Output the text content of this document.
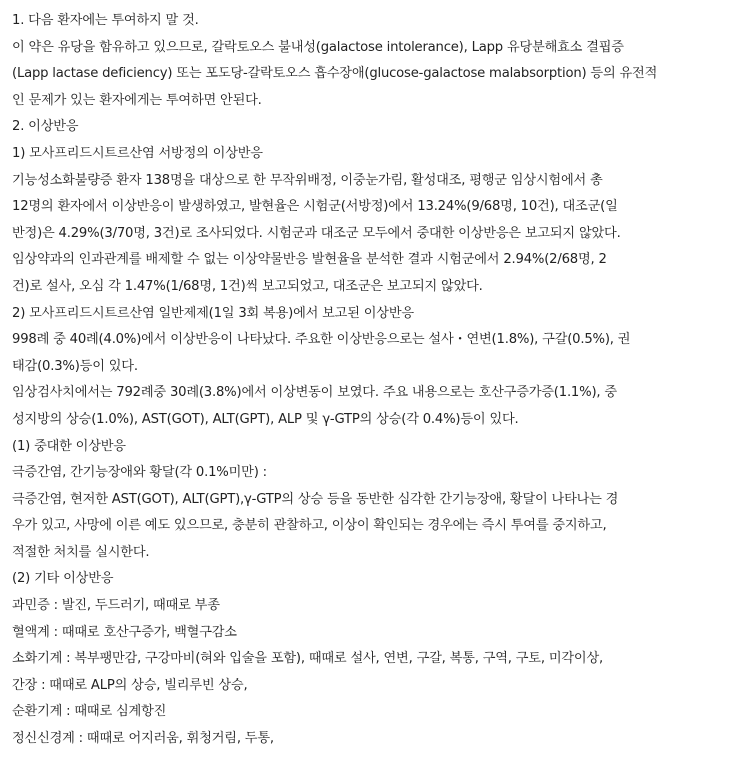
1. 다음 환자에는 투여하지 말 것.
이 약은 유당을 함유하고 있으므로, 갈락토오스 불내성(galactose intolerance), Lapp 유당분해효소 결핍증
(Lapp lactase deficiency) 또는 포도당-갈락토오스 흡수장애(glucose-galactose malabsorption) 등의 유전적
인 문제가 있는 환자에게는 투여하면 안된다.
2. 이상반응
1) 모사프리드시트르산염 서방정의 이상반응
기능성소화불량증 환자 138명을 대상으로 한 무작위배정, 이중눈가림, 활성대조, 평행군 임상시험에서 총
12명의 환자에서 이상반응이 발생하였고, 발현율은 시험군(서방정)에서 13.24%(9/68명, 10건), 대조군(일
반정)은 4.29%(3/70명, 3건)로 조사되었다. 시험군과 대조군 모두에서 중대한 이상반응은 보고되지 않았다.
임상약과의 인과관계를 배제할 수 없는 이상약물반응 발현율을 분석한 결과 시험군에서 2.94%(2/68명, 2
건)로 설사, 오심 각 1.47%(1/68명, 1건)씩 보고되었고, 대조군은 보고되지 않았다.
2) 모사프리드시트르산염 일반제제(1일 3회 복용)에서 보고된 이상반응
998례 중 40례(4.0%)에서 이상반응이 나타났다. 주요한 이상반응으로는 설사・연변(1.8%), 구갈(0.5%), 권
태감(0.3%)등이 있다.
임상검사치에서는 792례중 30례(3.8%)에서 이상변동이 보였다. 주요 내용으로는 호산구증가증(1.1%), 중
성지방의 상승(1.0%), AST(GOT), ALT(GPT), ALP 및 γ-GTP의 상승(각 0.4%)등이 있다.
(1) 중대한 이상반응
극증간염, 간기능장애와 황달(각 0.1%미만) :
극증간염, 현저한 AST(GOT), ALT(GPT),γ-GTP의 상승 등을 동반한 심각한 간기능장애, 황달이 나타나는 경
우가 있고, 사망에 이른 예도 있으므로, 충분히 관찰하고, 이상이 확인되는 경우에는 즉시 투여를 중지하고,
적절한 처치를 실시한다.
(2) 기타 이상반응
과민증 : 발진, 두드러기, 때때로 부종
혈액계 : 때때로 호산구증가, 백혈구감소
소화기계 : 복부팽만감, 구강마비(혀와 입술을 포함), 때때로 설사, 연변, 구갈, 복통, 구역, 구토, 미각이상,
간장 : 때때로 ALP의 상승, 빌리루빈 상승,
순환기계 : 때때로 심계항진
정신신경계 : 때때로 어지러움, 휘청거림, 두통,
